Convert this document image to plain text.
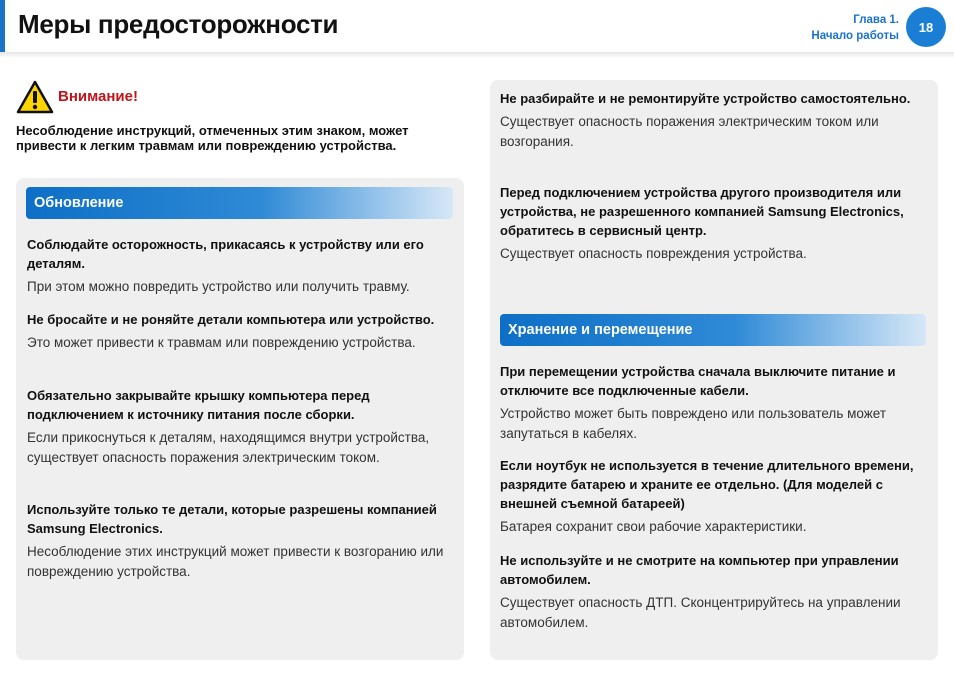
Меры предосторожности	Глава 1.
Начало работы
18
Внимание!

Несоблюдение инструкций, отмеченных этим знаком, может привести к легким травмам или повреждению устройства.

Обновление

Соблюдайте осторожность, прикасаясь к устройству или его деталям.

При этом можно повредить устройство или получить травму.

Не бросайте и не роняйте детали компьютера или устройство.

Это может привести к травмам или повреждению устройства.

Обязательно закрывайте крышку компьютера перед подключением к источнику питания после сборки.

Если прикоснуться к деталям, находящимся внутри устройства, существует опасность поражения электрическим током.

Используйте только те детали, которые разрешены компанией Samsung Electronics.

Несоблюдение этих инструкций может привести к возгоранию или повреждению устройства.

Не разбирайте и не ремонтируйте устройство самостоятельно.

Существует опасность поражения электрическим током или возгорания.

Перед подключением устройства другого производителя или устройства, не разрешенного компанией Samsung Electronics, обратитесь в сервисный центр.

Существует опасность повреждения устройства.

Хранение и перемещение

При перемещении устройства сначала выключите питание и отключите все подключенные кабели.

Устройство может быть повреждено или пользователь может запутаться в кабелях.

Если ноутбук не используется в течение длительного времени, разрядите батарею и храните ее отдельно. (Для моделей с внешней съемной батареей)

Батарея сохранит свои рабочие характеристики.

Не используйте и не смотрите на компьютер при управлении автомобилем.

Существует опасность ДТП. Сконцентрируйтесь на управлении автомобилем.
